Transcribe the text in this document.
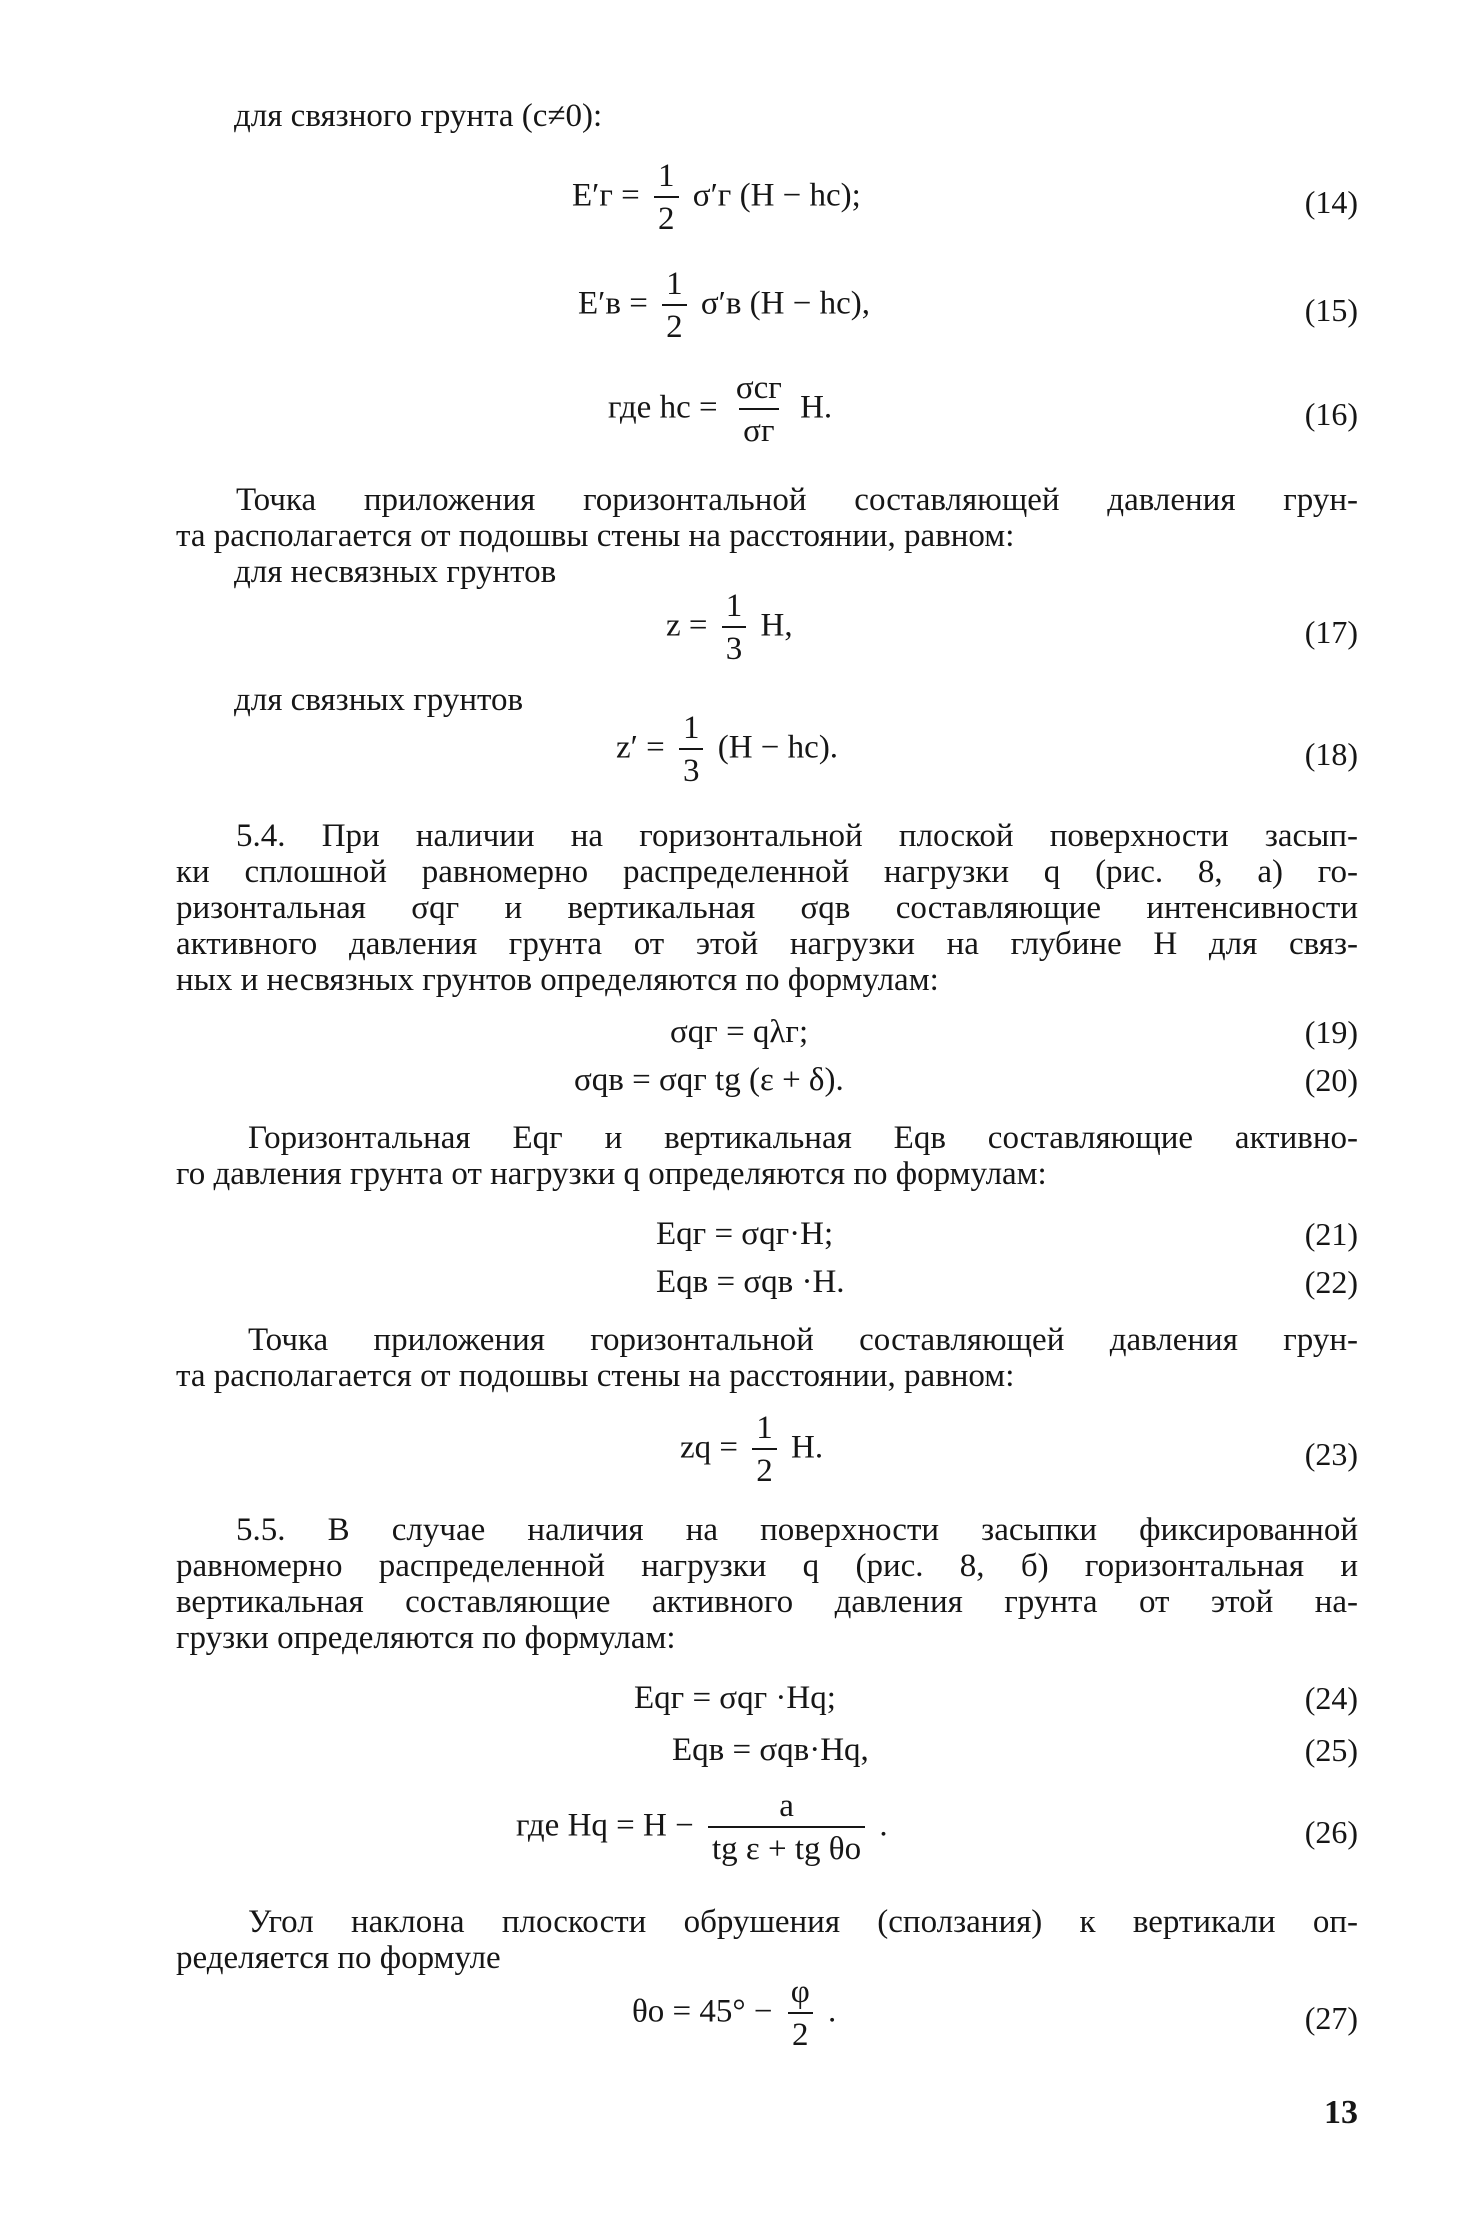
для связного грунта (c≠0):
$E'г = \frac{1}{2} \sigma'г$ (H − hc);	(14)
$E'в = \frac{1}{2} \sigma'в$ (H − hc),	(15)
где hc = $\frac{\text{σcг}}{\sigma г} H$.	(16)
Точка приложения горизонтальной составляющей давления грун-
та располагается от подошвы стены на расстоянии, равном:
для несвязных грунтов
$z = \frac{1}{3} H$,	(17)
для связных грунтов
$z' = \frac{1}{3} (H - hc)$.	(18)
5.4. При наличии на горизонтальной плоской поверхности засып-
ки сплошной равномерно распределенной нагрузки q (рис. 8, а) го-
ризонтальная σqг и вертикальная σqв составляющие интенсивности
активного давления грунта от этой нагрузки на глубине H для связ-
ных и несвязных грунтов определяются по формулам:
σqг = qλг;	(19)
σqв = σqг tg (ε + δ).	(20)
Горизонтальная Eqг и вертикальная Eqв составляющие активно-
го давления грунта от нагрузки q определяются по формулам:
Eqг = σqг·H;	(21)
Eqв = σqв ·H.	(22)
Точка приложения горизонтальной составляющей давления грун-
та располагается от подошвы стены на расстоянии, равном:
zq = $\frac{1}{2} H$.	(23)
5.5. В случае наличия на поверхности засыпки фиксированной
равномерно распределенной нагрузки q (рис. 8, б) горизонтальная и
вертикальная составляющие активного давления грунта от этой на-
грузки определяются по формулам:
Eqг = σqг ·Hq;	(24)
Eqв = σqв·Hq,	(25)
где $Hq = H - \frac{a}{\text{tg ε + tg θo}}$ .	(26)
Угол наклона плоскости обрушения (сползания) к вертикали оп-
ределяется по формуле
$\theta o = 45^\circ - \frac{\varphi}{2}$ .	(27)
13
